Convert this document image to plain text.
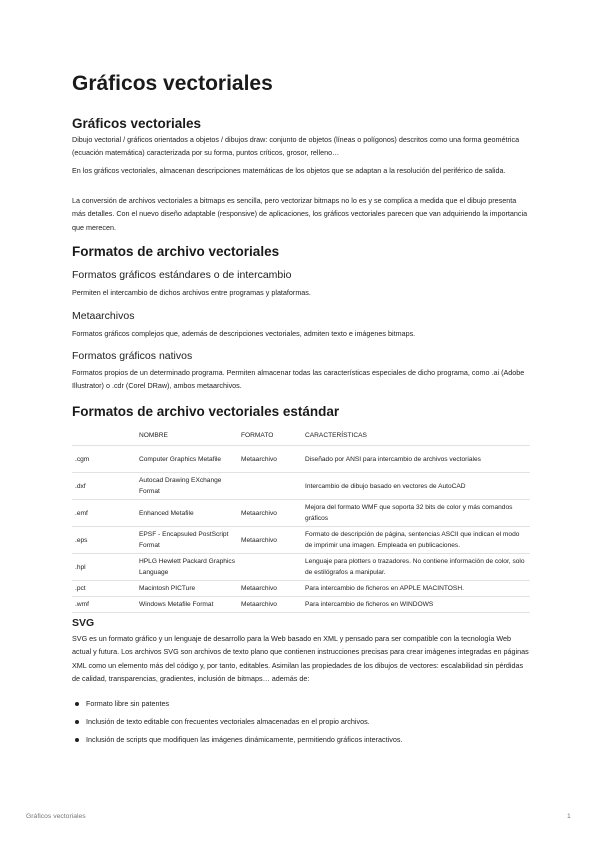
Gráficos vectoriales
Gráficos vectoriales

Dibujo vectorial / gráficos orientados a objetos / dibujos draw: conjunto de objetos (líneas o polígonos) descritos como una forma geométrica (ecuación matemática) caracterizada por su forma, puntos críticos, grosor, relleno…

En los gráficos vectoriales, almacenan descripciones matemáticas de los objetos que se adaptan a la resolución del periférico de salida.

La conversión de archivos vectoriales a bitmaps es sencilla, pero vectorizar bitmaps no lo es y se complica a medida que el dibujo presenta más detalles. Con el nuevo diseño adaptable (responsive) de aplicaciones, los gráficos vectoriales parecen que van adquiriendo la importancia que merecen.

Formatos de archivo vectoriales
Formatos gráficos estándares o de intercambio

Permiten el intercambio de dichos archivos entre programas y plataformas.

Metaarchivos

Formatos gráficos complejos que, además de descripciones vectoriales, admiten texto e imágenes bitmaps.

Formatos gráficos nativos

Formatos propios de un determinado programa. Permiten almacenar todas las características especiales de dicho programa, como .ai (Adobe Illustrator) o .cdr (Corel DRaw), ambos metaarchivos.

Formatos de archivo vectoriales estándar
	NOMBRE	FORMATO	CARACTERÍSTICAS
.cgm	Computer Graphics Metafile	Metaarchivo	Diseñado por ANSI para intercambio de archivos vectoriales
.dxf	Autocad Drawing EXchange Format		Intercambio de dibujo basado en vectores de AutoCAD
.emf	Enhanced Metafile	Metaarchivo	Mejora del formato WMF que soporta 32 bits de color y más comandos gráficos
.eps	EPSF - Encapsuled PostScript Format	Metaarchivo	Formato de descripción de página, sentencias ASCII que indican el modo de imprimir una imagen. Empleada en publicaciones.
.hpl	HPLG Hewlett Packard Graphics Language		Lenguaje para plotters o trazadores. No contiene información de color, solo de estilógrafos a manipular.
.pct	Macintosh PICTure	Metaarchivo	Para intercambio de ficheros en APPLE MACINTOSH.
.wmf	Windows Metafile Format	Metaarchivo	Para intercambio de ficheros en WINDOWS
SVG

SVG es un formato gráfico y un lenguaje de desarrollo para la Web basado en XML y pensado para ser compatible con la tecnología Web actual y futura. Los archivos SVG son archivos de texto plano que contienen instrucciones precisas para crear imágenes integradas en páginas XML como un elemento más del código y, por tanto, editables. Asimilan las propiedades de los dibujos de vectores: escalabilidad sin pérdidas de calidad, transparencias, gradientes, inclusión de bitmaps… además de:

Formato libre sin patentes
Inclusión de texto editable con frecuentes vectoriales almacenadas en el propio archivos.
Inclusión de scripts que modifiquen las imágenes dinámicamente, permitiendo gráficos interactivos.
Gráficos vectoriales	1
